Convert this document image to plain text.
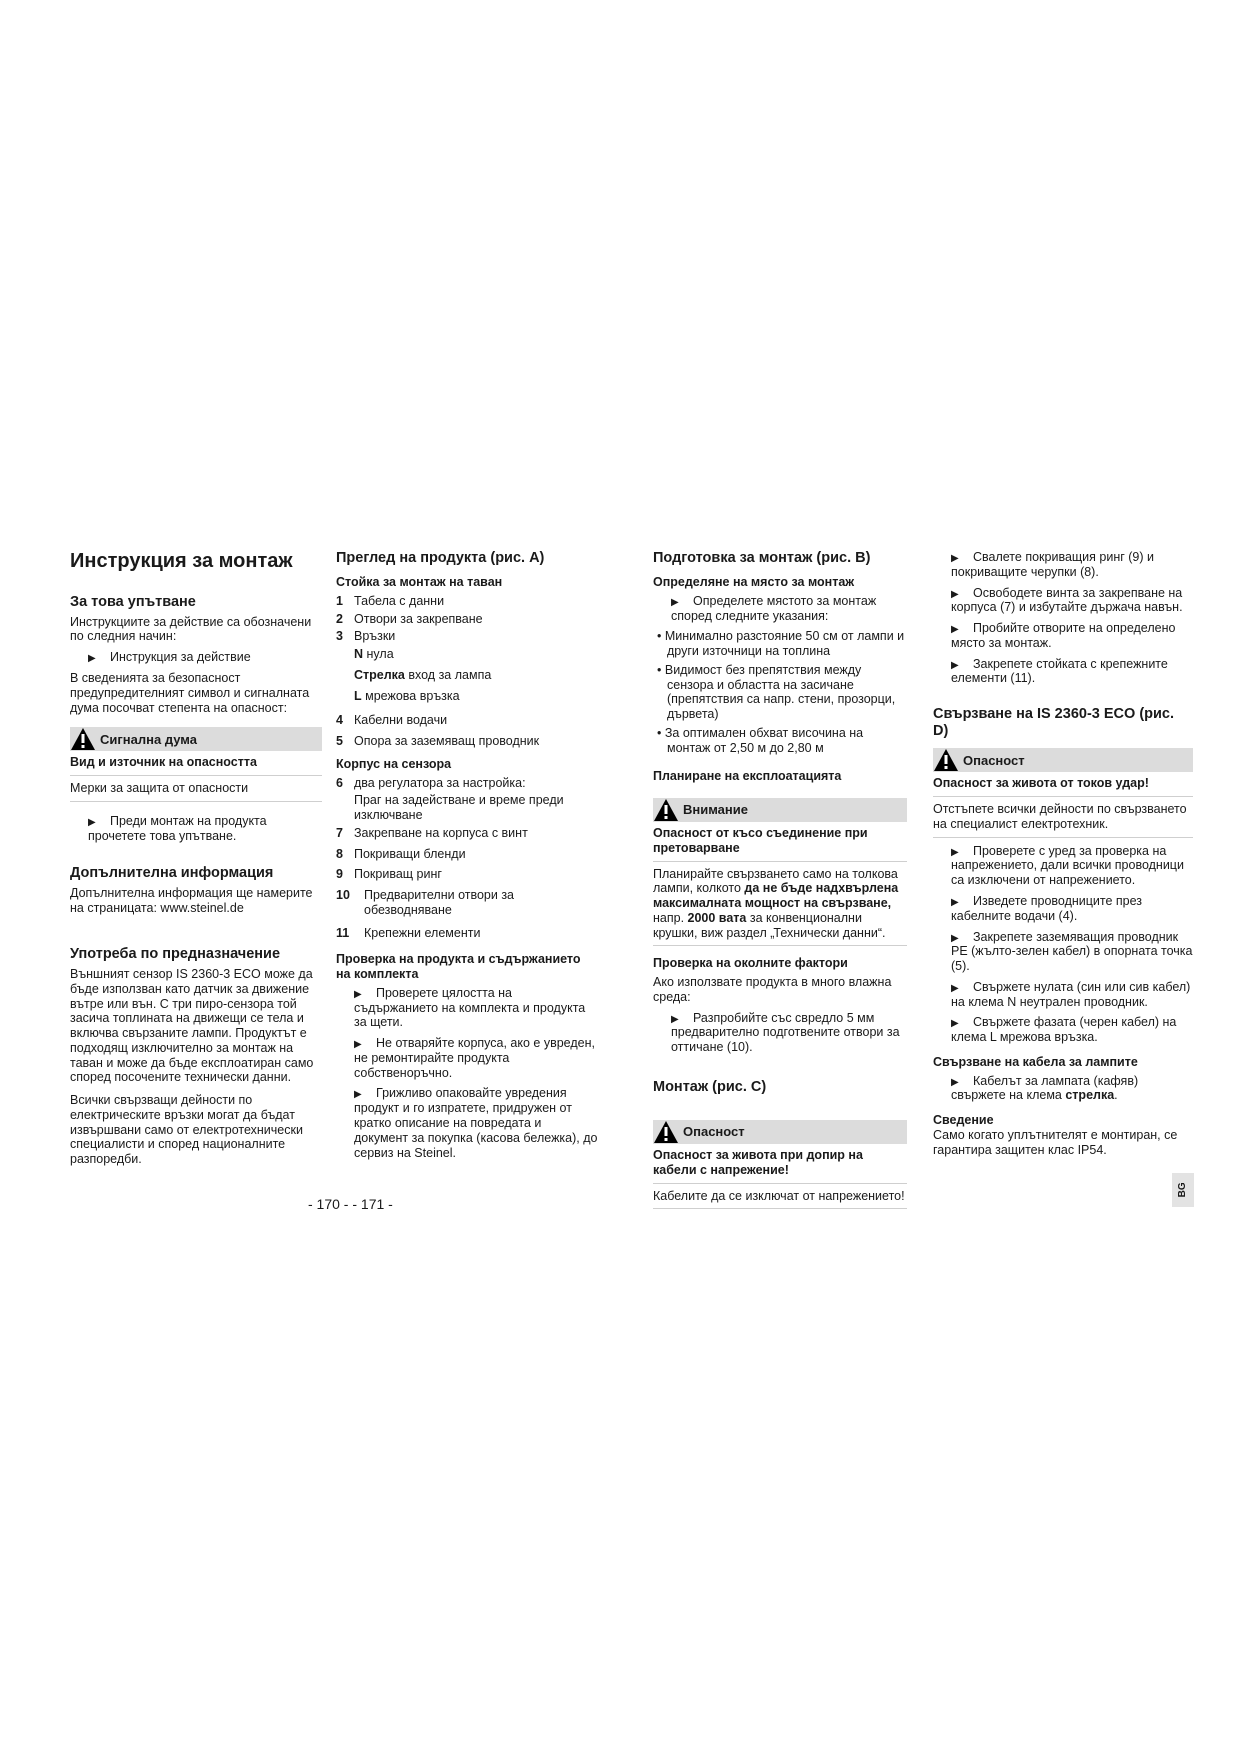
Инструкция за монтаж
За това упътване

Инструкциите за действие са обозначени по следния начин:

▶ Инструкция за действие

В сведенията за безопасност предупредителният символ и сигналната дума посочват степента на опасност:

Сигнална дума
Вид и източник на опасността

Мерки за защита от опасности

▶ Преди монтаж на продукта прочетете това упътване.
Допълнителна информация

Допълнителна информация ще намерите на страницата: www.steinel.de

Употреба по предназначение

Външният сензор IS 2360-3 ECO може да бъде използван като датчик за движение вътре или вън. С три пиро-сензора той засича топлината на движещи се тела и включва свързаните лампи. Продуктът е подходящ изключително за монтаж на таван и може да бъде експлоатиран само според посочените технически данни.

Всички свързващи дейности по електрическите връзки могат да бъдат извършвани само от електротехнически специалисти и според националните разпоредби.

Преглед на продукта (рис. A)
Стойка за монтаж на таван
1 Табела с данни
2 Отвори за закрепване
3 Връзки
N нула
Стрелка вход за лампа
L мрежова връзка
4 Кабелни водачи
5 Опора за заземяващ проводник
Корпус на сензора
6 два регулатора за настройка:
Праг на задействане и време преди изключване
7 Закрепване на корпуса с винт
8 Покриващи бленди
9 Покриващ ринг
10	Предварителни отвори за обезводняване
11	Крепежни елементи
Проверка на продукта и съдържанието на комплекта
▶ Проверете цялостта на съдържанието на комплекта и продукта за щети.
▶ Не отваряйте корпуса, ако е увреден, не ремонтирайте продукта собственоръчно.
▶ Грижливо опаковайте увредения продукт и го изпратете, придружен от кратко описание на повредата и документ за покупка (касова бележка), до сервиз на Steinel.
- 170 - - 171 -
Подготовка за монтаж (рис. B)
Определяне на място за монтаж
▶ Определете мястото за монтаж според следните указания:
• Минимално разстояние 50 см от лампи и други източници на топлина
• Видимост без препятствия между сензора и областта на засичане (препятствия са напр. стени, прозорци, дървета)
• За оптимален обхват височина на монтаж от 2,50 м до 2,80 м
Планиране на експлоатацията
Внимание
Опасност от късо съединение при претоварване

Планирайте свързването само на толкова лампи, колкото да не бъде надхвърлена максималната мощност на свързване, напр. 2000 вата за конвенционални крушки, виж раздел „Технически данни“.

Проверка на околните фактори

Ако използвате продукта в много влажна среда:

▶ Разпробийте със свредло 5 мм предварително подготвените отвори за оттичане (10).
Монтаж (рис. C)
Опасност
Опасност за живота при допир на кабели с напрежение!

Кабелите да се изключат от напрежението!

▶ Свалете покриващия ринг (9) и покриващите черупки (8).
▶ Освободете винта за закрепване на корпуса (7) и избутайте държача навън.
▶ Пробийте отворите на определено място за монтаж.
▶ Закрепете стойката с крепежните елементи (11).
Свързване на IS 2360-3 ECO (рис. D)
Опасност
Опасност за живота от токов удар!

Отстъпете всички дейности по свързването на специалист електротехник.

▶ Проверете с уред за проверка на напрежението, дали всички проводници са изключени от напрежението.
▶ Изведете проводниците през кабелните водачи (4).
▶ Закрепете заземяващия проводник PE (жълто-зелен кабел) в опорната точка (5).
▶ Свържете нулата (син или сив кабел) на клема N неутрален проводник.
▶ Свържете фазата (черен кабел) на клема L мрежова връзка.
Свързване на кабела за лампите
▶ Кабелът за лампата (кафяв) свържете на клема стрелка.
Сведение

Само когато уплътнителят е монтиран, се гарантира защитен клас IP54.

BG
